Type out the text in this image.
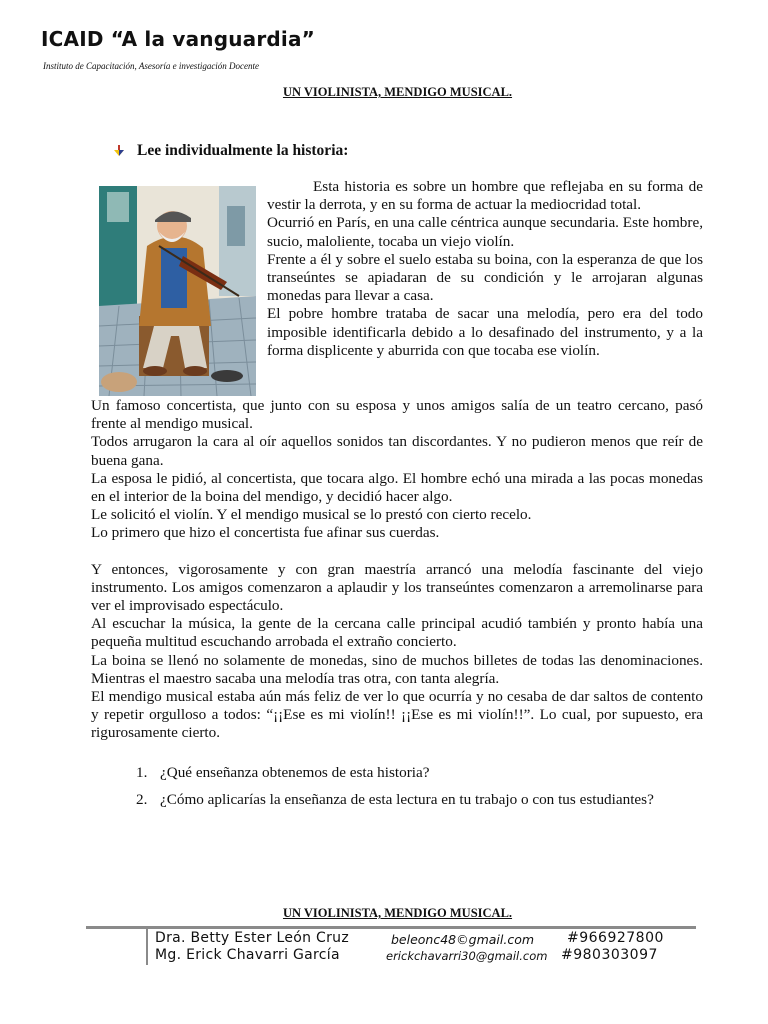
ICAID “A la vanguardia”
Instituto de Capacitación, Asesoría e investigación Docente
UN VIOLINISTA, MENDIGO MUSICAL.
Lee individualmente la historia:

Esta historia es sobre un hombre que reflejaba en su forma de vestir la derrota, y en su forma de actuar la mediocridad total.

Ocurrió en París, en una calle céntrica aunque secundaria. Este hombre, sucio, maloliente, tocaba un viejo violín.

Frente a él y sobre el suelo estaba su boina, con la esperanza de que los transeúntes se apiadaran de su condición y le arrojaran algunas monedas para llevar a casa.

El pobre hombre trataba de sacar una melodía, pero era del todo imposible identificarla debido a lo desafinado del instrumento, y a la forma displicente y aburrida con que tocaba ese violín.

Un famoso concertista, que junto con su esposa y unos amigos salía de un teatro cercano, pasó frente al mendigo musical.

Todos arrugaron la cara al oír aquellos sonidos tan discordantes. Y no pudieron menos que reír de buena gana.

La esposa le pidió, al concertista, que tocara algo. El hombre echó una mirada a las pocas monedas en el interior de la boina del mendigo, y decidió hacer algo.

Le solicitó el violín. Y el mendigo musical se lo prestó con cierto recelo.

Lo primero que hizo el concertista fue afinar sus cuerdas.

Y entonces, vigorosamente y con gran maestría arrancó una melodía fascinante del viejo instrumento. Los amigos comenzaron a aplaudir y los transeúntes comenzaron a arremolinarse para ver el improvisado espectáculo.

Al escuchar la música, la gente de la cercana calle principal acudió también y pronto había una pequeña multitud escuchando arrobada el extraño concierto.

La boina se llenó no solamente de monedas, sino de muchos billetes de todas las denominaciones. Mientras el maestro sacaba una melodía tras otra, con tanta alegría.

El mendigo musical estaba aún más feliz de ver lo que ocurría y no cesaba de dar saltos de contento y repetir orgulloso a todos: “¡¡Ese es mi violín!! ¡¡Ese es mi violín!!”. Lo cual, por supuesto, era rigurosamente cierto.

1. ¿Qué enseñanza obtenemos de esta historia?
2. ¿Cómo aplicarías la enseñanza de esta lectura en tu trabajo o con tus estudiantes?
UN VIOLINISTA, MENDIGO MUSICAL.
Dra. Betty Ester León Cruz	beleonc48©gmail.com #966927800
Mg. Erick Chavarri García	erickchavarri30@gmail.com #980303097
